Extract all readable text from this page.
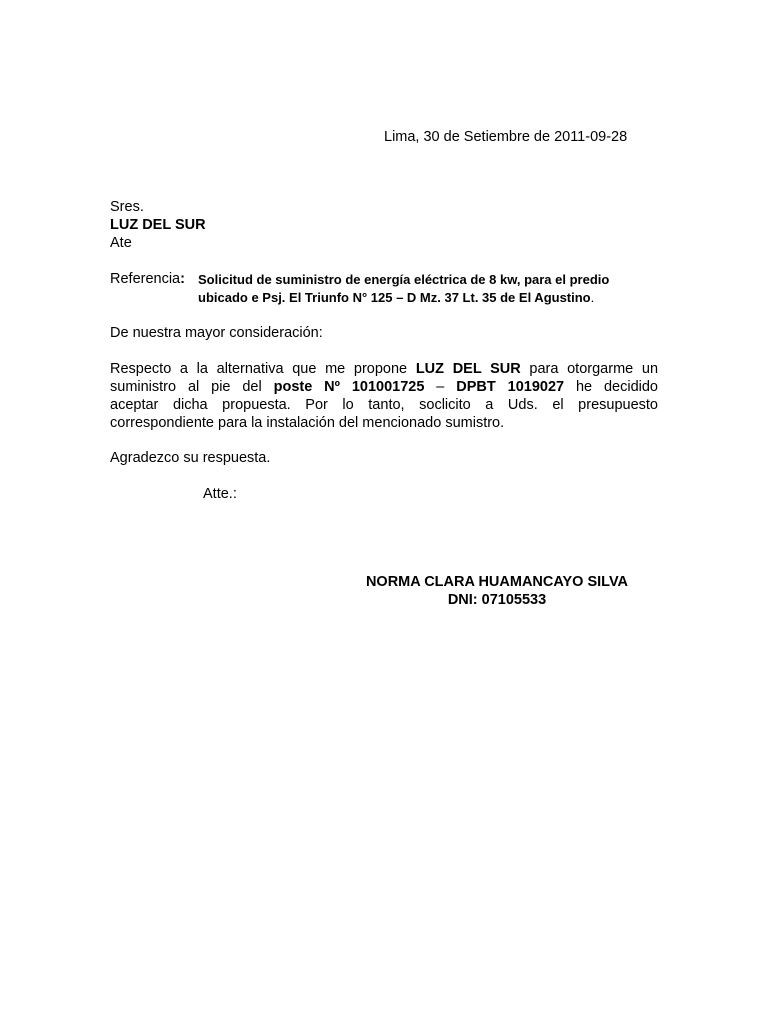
Lima, 30 de Setiembre de 2011-09-28
Sres.
LUZ DEL SUR
Ate
Referencia: Solicitud de suministro de energía eléctrica de 8 kw, para el predio
ubicado e Psj. El Triunfo N° 125 – D Mz. 37 Lt. 35 de El Agustino.
De nuestra mayor consideración:
Respecto a la alternativa que me propone LUZ DEL SUR para otorgarme un
suministro al pie del poste Nº 101001725 – DPBT 1019027 he decidido
aceptar dicha propuesta. Por lo tanto, soclicito a Uds. el presupuesto
correspondiente para la instalación del mencionado sumistro.
Agradezco su respuesta.
Atte.:
NORMA CLARA HUAMANCAYO SILVA
DNI: 07105533
